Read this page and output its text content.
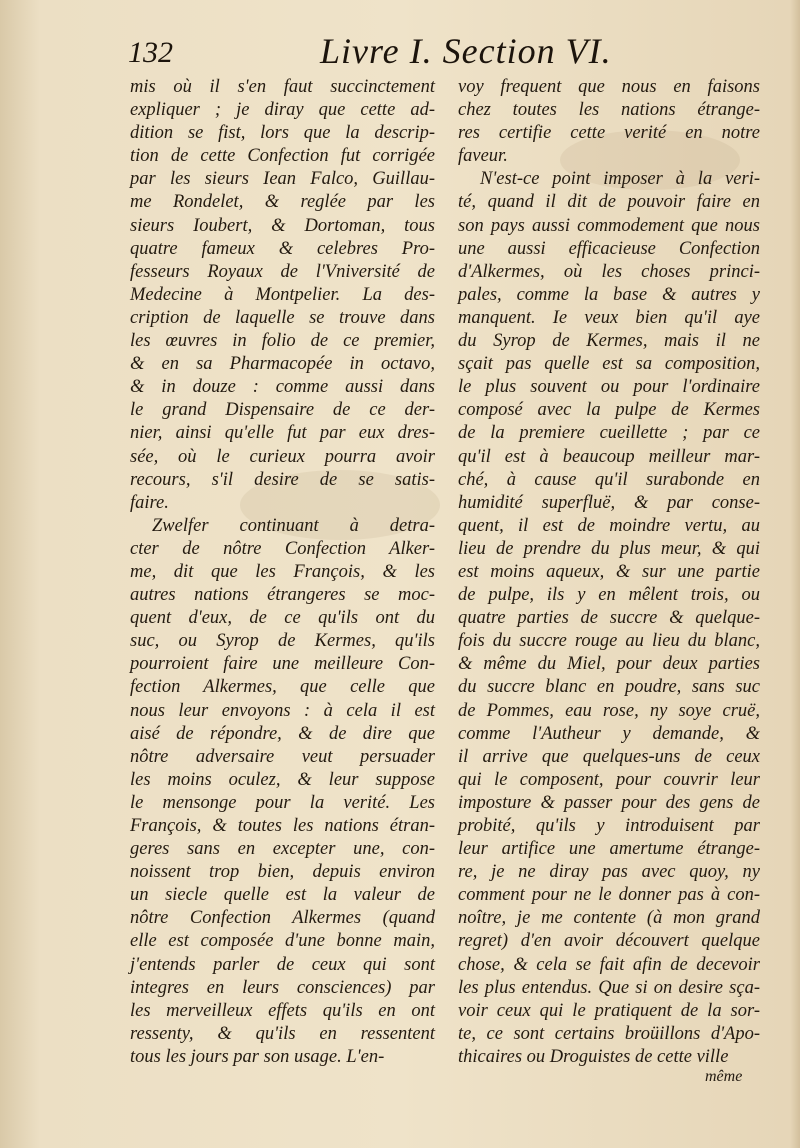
132	Livre I. Section VI.
mis où il s'en faut succinctement
expliquer ; je diray que cette ad-
dition se fist, lors que la descrip-
tion de cette Confection fut corrigée
par les sieurs Iean Falco, Guillau-
me Rondelet, & reglée par les
sieurs Ioubert, & Dortoman, tous
quatre fameux & celebres Pro-
fesseurs Royaux de l'Vniversité de
Medecine à Montpelier. La des-
cription de laquelle se trouve dans
les œuvres in folio de ce premier,
& en sa Pharmacopée in octavo,
& in douze : comme aussi dans
le grand Dispensaire de ce der-
nier, ainsi qu'elle fut par eux dres-
sée, où le curieux pourra avoir
recours, s'il desire de se satis-
faire.
Zwelfer continuant à detra-
cter de nôtre Confection Alker-
me, dit que les François, & les
autres nations étrangeres se moc-
quent d'eux, de ce qu'ils ont du
suc, ou Syrop de Kermes, qu'ils
pourroient faire une meilleure Con-
fection Alkermes, que celle que
nous leur envoyons : à cela il est
aisé de répondre, & de dire que
nôtre adversaire veut persuader
les moins oculez, & leur suppose
le mensonge pour la verité. Les
François, & toutes les nations étran-
geres sans en excepter une, con-
noissent trop bien, depuis environ
un siecle quelle est la valeur de
nôtre Confection Alkermes (quand
elle est composée d'une bonne main,
j'entends parler de ceux qui sont
integres en leurs consciences) par
les merveilleux effets qu'ils en ont
ressenty, & qu'ils en ressentent
tous les jours par son usage. L'en-
voy frequent que nous en faisons
chez toutes les nations étrange-
res certifie cette verité en notre
faveur.
N'est-ce point imposer à la veri-
té, quand il dit de pouvoir faire en
son pays aussi commodement que nous
une aussi efficacieuse Confection
d'Alkermes, où les choses princi-
pales, comme la base & autres y
manquent. Ie veux bien qu'il aye
du Syrop de Kermes, mais il ne
sçait pas quelle est sa composition,
le plus souvent ou pour l'ordinaire
composé avec la pulpe de Kermes
de la premiere cueillette ; par ce
qu'il est à beaucoup meilleur mar-
ché, à cause qu'il surabonde en
humidité superfluë, & par conse-
quent, il est de moindre vertu, au
lieu de prendre du plus meur, & qui
est moins aqueux, & sur une partie
de pulpe, ils y en mêlent trois, ou
quatre parties de succre & quelque-
fois du succre rouge au lieu du blanc,
& même du Miel, pour deux parties
du succre blanc en poudre, sans suc
de Pommes, eau rose, ny soye cruë,
comme l'Autheur y demande, &
il arrive que quelques-uns de ceux
qui le composent, pour couvrir leur
imposture & passer pour des gens de
probité, qu'ils y introduisent par
leur artifice une amertume étrange-
re, je ne diray pas avec quoy, ny
comment pour ne le donner pas à con-
noître, je me contente (à mon grand
regret) d'en avoir découvert quelque
chose, & cela se fait afin de decevoir
les plus entendus. Que si on desire sça-
voir ceux qui le pratiquent de la sor-
te, ce sont certains broüillons d'Apo-
thicaires ou Droguistes de cette ville
même
